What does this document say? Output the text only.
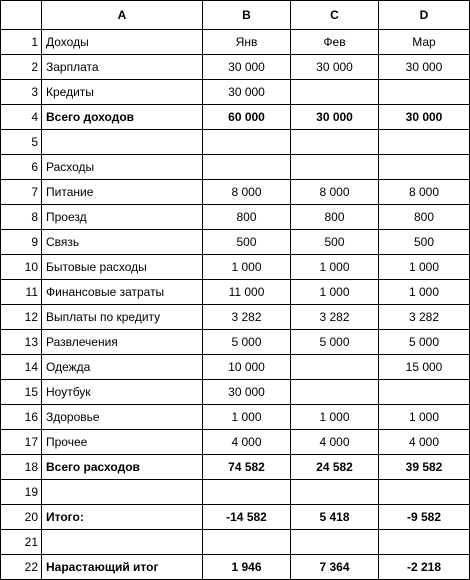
	A	B	C	D
1	Доходы	Янв	Фев	Мар
2	Зарплата	30 000	30 000	30 000
3	Кредиты	30 000		
4	Всего доходов	60 000	30 000	30 000
5				
6	Расходы			
7	Питание	8 000	8 000	8 000
8	Проезд	800	800	800
9	Связь	500	500	500
10	Бытовые расходы	1 000	1 000	1 000
11	Финансовые затраты	11 000	1 000	1 000
12	Выплаты по кредиту	3 282	3 282	3 282
13	Развлечения	5 000	5 000	5 000
14	Одежда	10 000		15 000
15	Ноутбук	30 000		
16	Здоровье	1 000	1 000	1 000
17	Прочее	4 000	4 000	4 000
18	Всего расходов	74 582	24 582	39 582
19				
20	Итого:	-14 582	5 418	-9 582
21				
22	Нарастающий итог	1 946	7 364	-2 218
